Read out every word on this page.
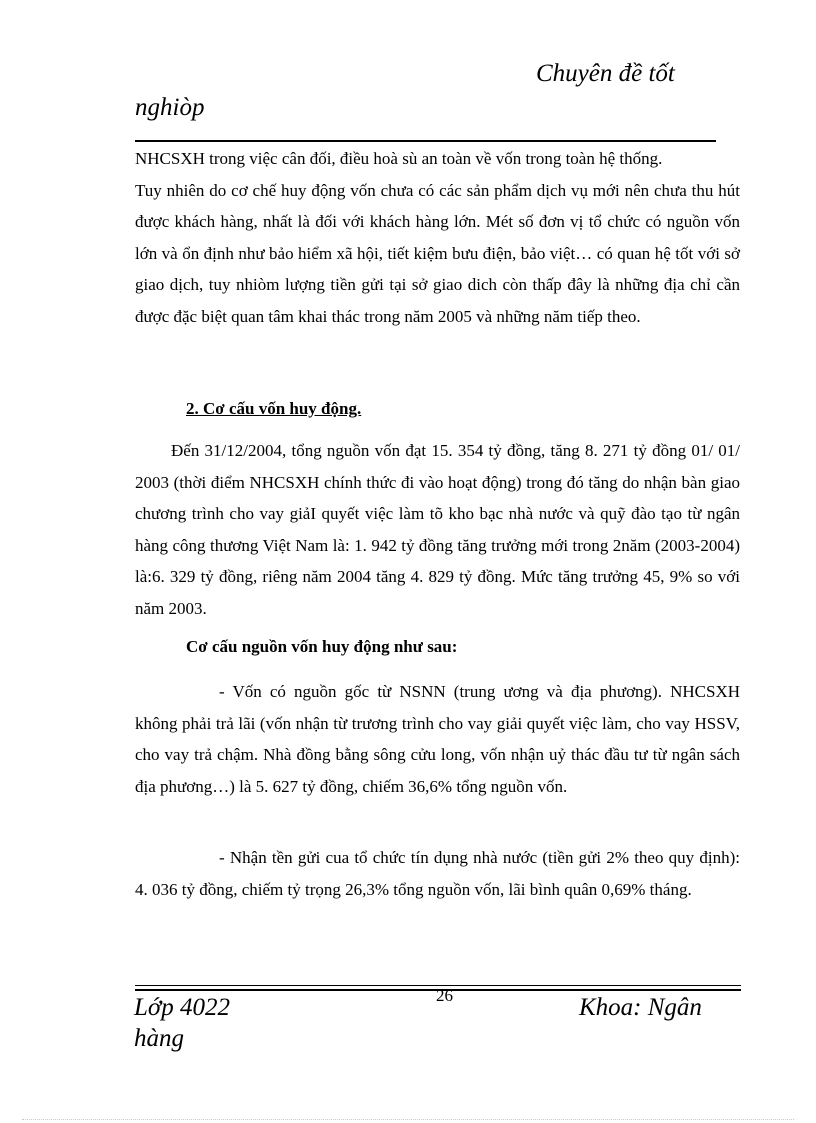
Chuyên đề tốt
nghiòp
NHCSXH trong việc cân đối, điều hoà sù an toàn về vốn trong toàn hệ thống.
Tuy nhiên do cơ chế huy động vốn chưa có các sản phẩm dịch vụ mới nên chưa thu hút được khách hàng, nhất là đối với khách hàng lớn. Mét số đơn vị tổ chức có nguồn vốn lớn và ổn định như bảo hiểm xã hội, tiết kiệm bưu điện, bảo việt… có quan hệ tốt với sở giao dịch, tuy nhiòm lượng tiền gửi tại sở giao dich còn thấp đây là những địa chỉ cần được đặc biệt quan tâm khai thác trong năm 2005 và những năm tiếp theo.
2. Cơ cấu vốn huy động.
Đến 31/12/2004, tổng nguồn vốn đạt 15. 354 tỷ đồng, tăng 8. 271 tỷ đồng 01/ 01/ 2003 (thời điểm NHCSXH chính thức đi vào hoạt động) trong đó tăng do nhận bàn giao chương trình cho vay giảI quyết việc làm tõ kho bạc nhà nước và quỹ đào tạo từ ngân hàng công thương Việt Nam là: 1. 942 tỷ đồng tăng trưởng mới trong 2năm (2003-2004) là:6. 329 tỷ đồng, riêng năm 2004 tăng 4. 829 tỷ đồng. Mức tăng trưởng 45, 9% so với năm 2003.
Cơ cấu nguồn vốn huy động như sau:
- Vốn có nguồn gốc từ NSNN (trung ương và địa phương). NHCSXH không phải trả lãi (vốn nhận từ trương trình cho vay giải quyết việc làm, cho vay HSSV, cho vay trả chậm. Nhà đồng bằng sông cửu long, vốn nhận uỷ thác đầu tư từ ngân sách địa phương…) là 5. 627 tỷ đồng, chiếm 36,6% tổng nguồn vốn.
- Nhận tền gửi cua tổ chức tín dụng nhà nước (tiền gửi 2% theo quy định): 4. 036 tỷ đồng, chiếm tỷ trọng 26,3% tổng nguồn vốn, lãi bình quân 0,69% tháng.
Lớp 4022
hàng
26	Khoa: Ngân
